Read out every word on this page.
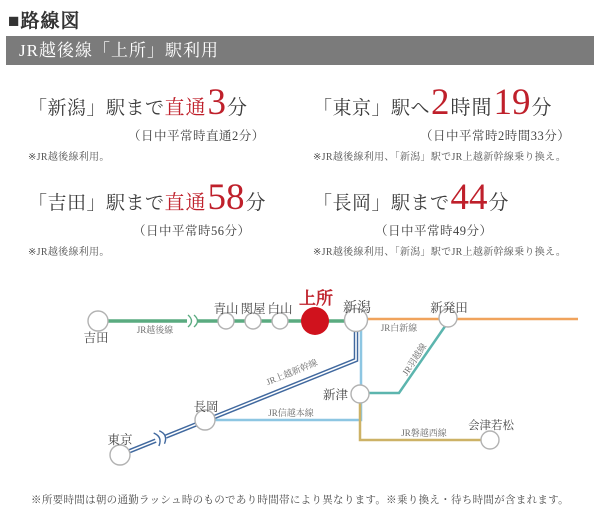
■路線図
JR越後線「上所」駅利用
「新潟」駅まで 直通 3 分
（日中平常時直通2分）
※JR越後線利用。
「東京」駅へ 2 時間 19 分
（日中平常時2時間33分）
※JR越後線利用、「新潟」駅でJR上越新幹線乗り換え。
「吉田」駅まで 直通 58 分
（日中平常時56分）
※JR越後線利用。
「長岡」駅まで 44 分
（日中平常時49分）
※JR越後線利用、「新潟」駅でJR上越新幹線乗り換え。
吉田
青山 関屋 白山
上所
新潟	新発田
新津
長岡
東京
会津若松
JR越後線	JR白新線
JR信越本線
JR上越新幹線	JR羽越線
JR磐越西線
※所要時間は朝の通勤ラッシュ時のものであり時間帯により異なります。※乗り換え・待ち時間が含まれます。
